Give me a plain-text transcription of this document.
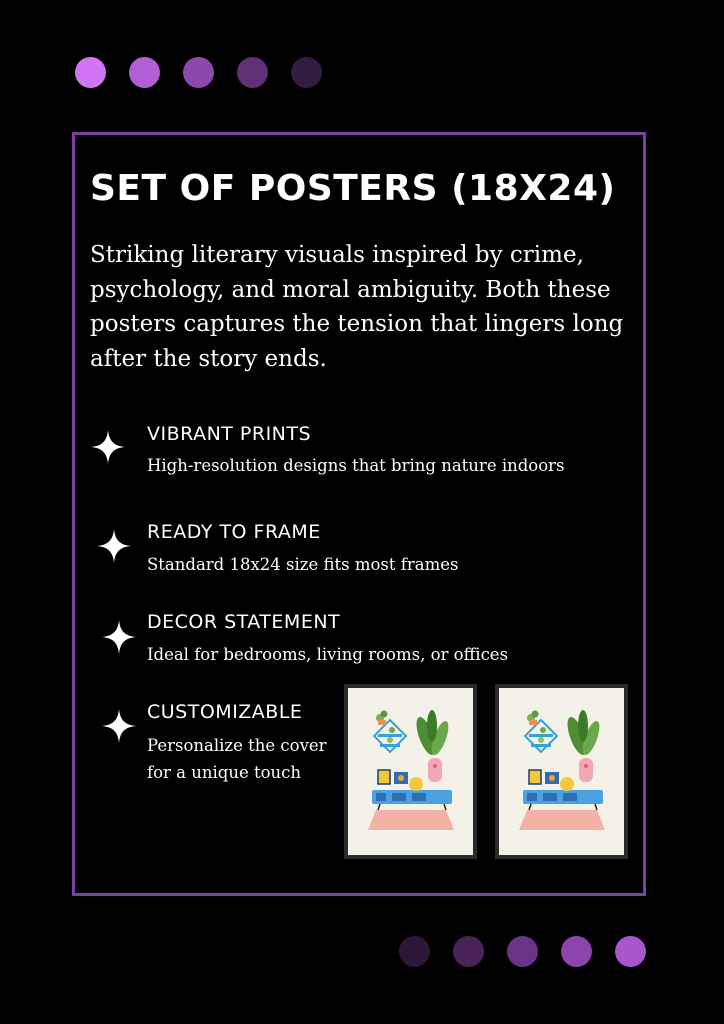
SET OF POSTERS (18X24)

Striking literary visuals inspired by crime, psychology, and moral ambiguity. Both these posters captures the tension that lingers long after the story ends.

VIBRANT PRINTS

High-resolution designs that bring nature indoors

READY TO FRAME

Standard 18x24 size fits most frames

DECOR STATEMENT

Ideal for bedrooms, living rooms, or offices

CUSTOMIZABLE

Personalize the cover for a unique touch
